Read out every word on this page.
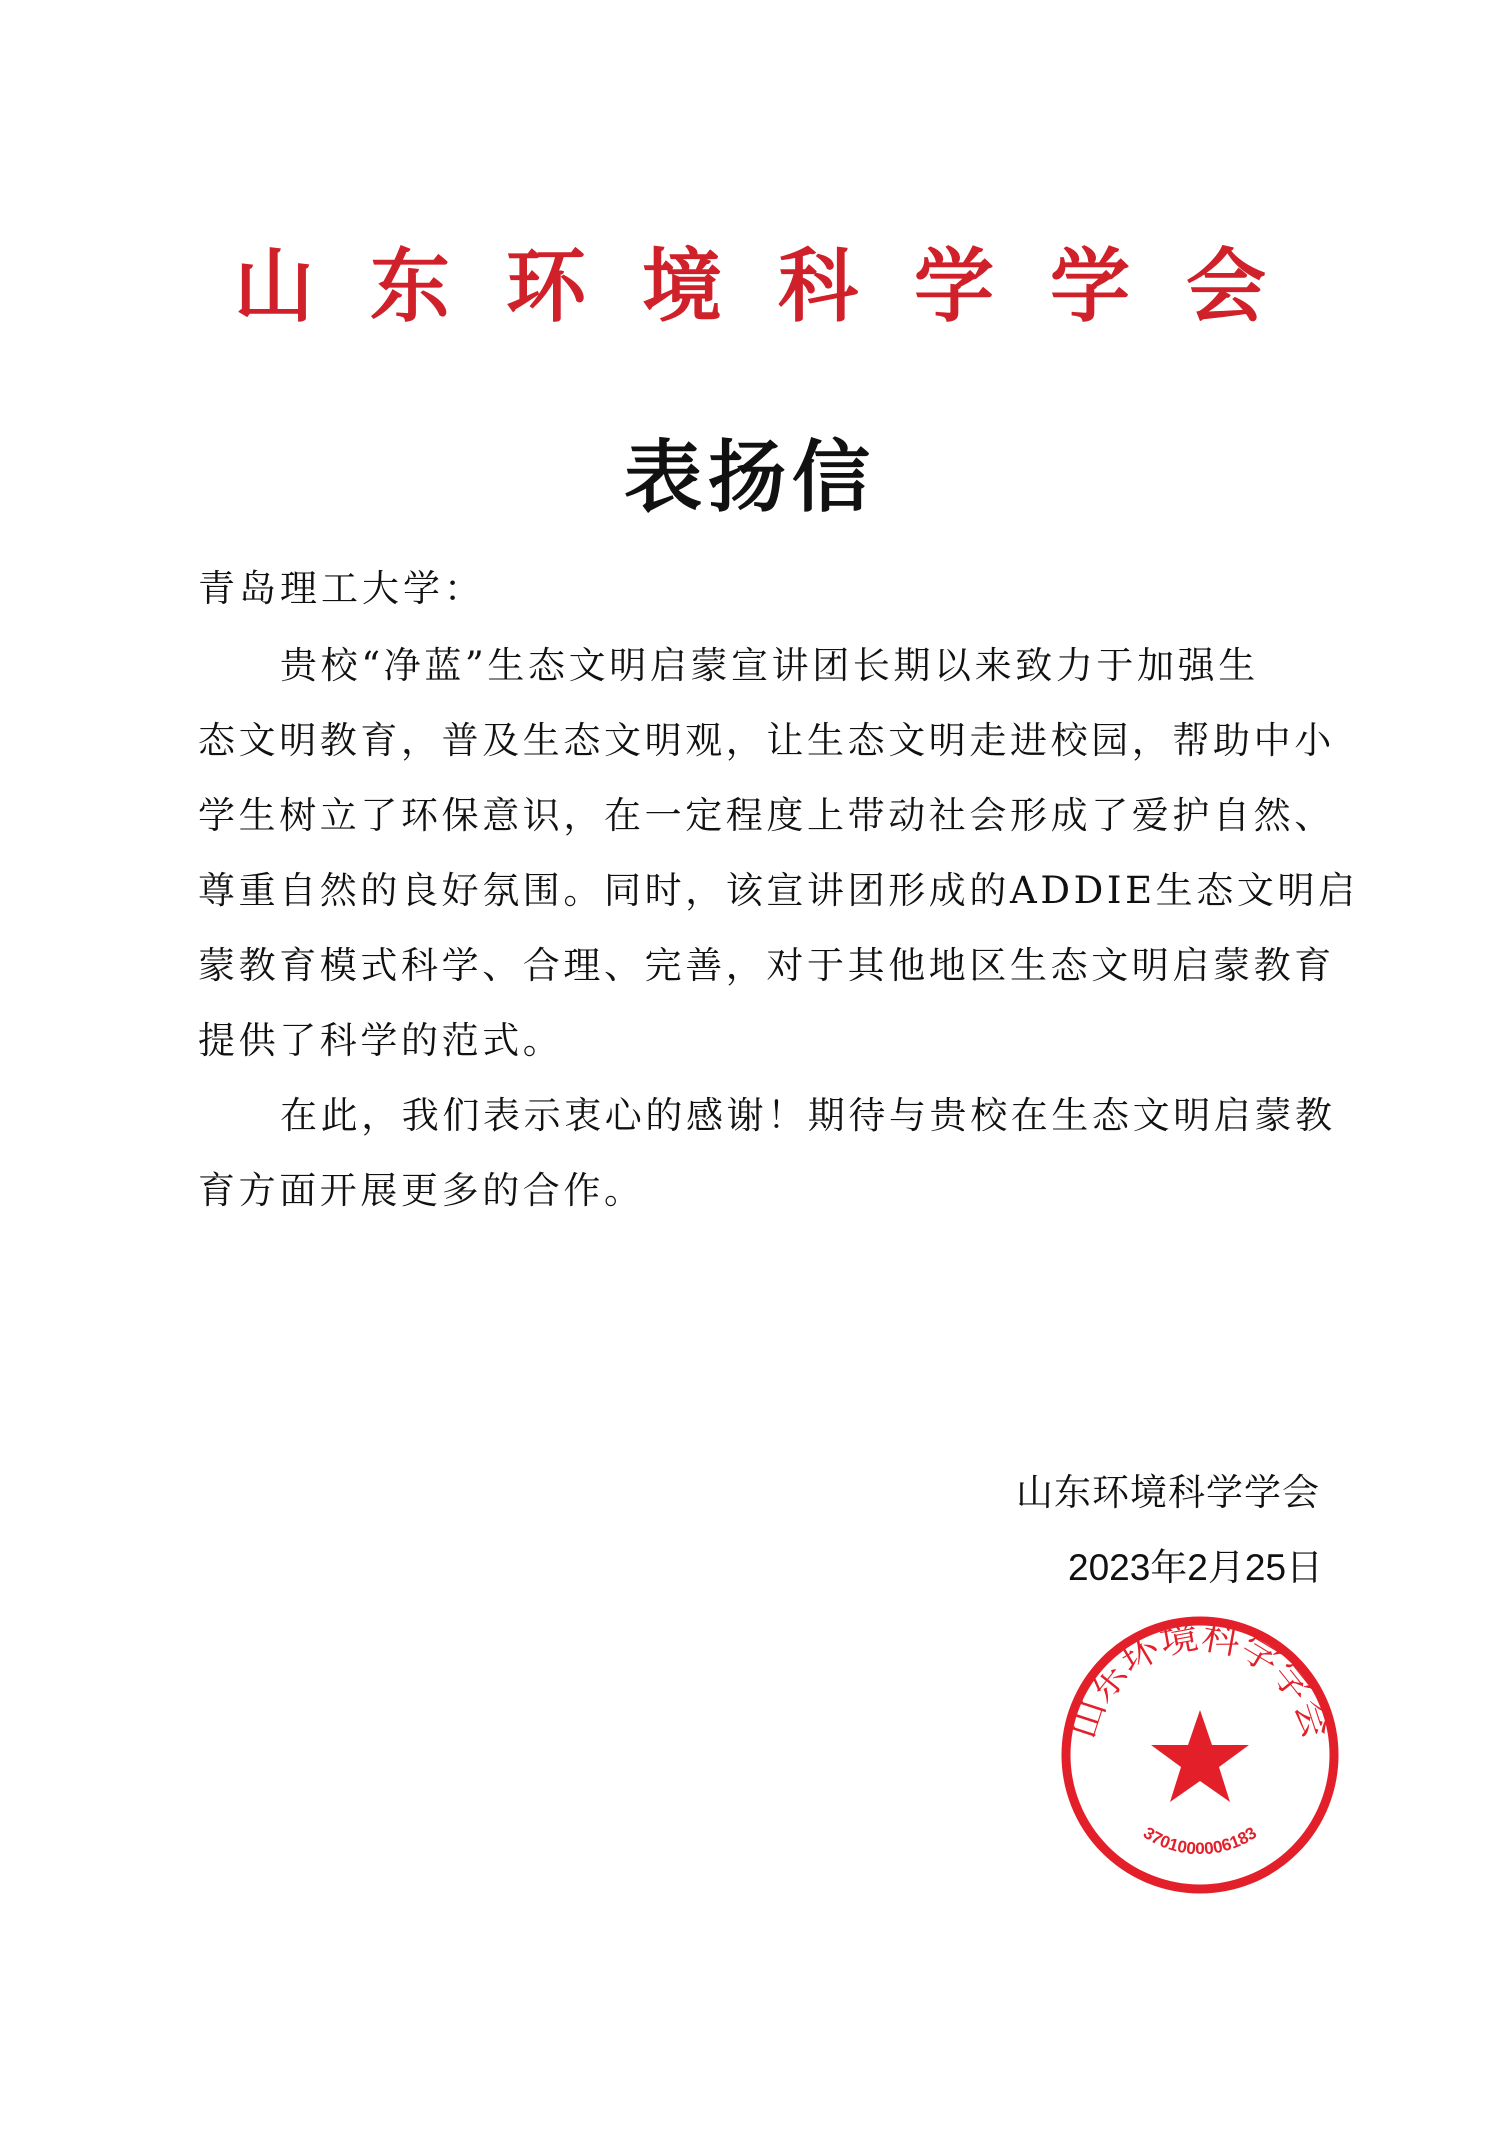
山东环境科学学会
表扬信
青岛理工大学：
贵校“净蓝”生态文明启蒙宣讲团长期以来致力于加强生
态文明教育，普及生态文明观，让生态文明走进校园，帮助中小
学生树立了环保意识，在一定程度上带动社会形成了爱护自然、
尊重自然的良好氛围。同时，该宣讲团形成的ADDIE生态文明启
蒙教育模式科学、合理、完善，对于其他地区生态文明启蒙教育
提供了科学的范式。
在此，我们表示衷心的感谢！期待与贵校在生态文明启蒙教
育方面开展更多的合作。
山东环境科学学会
2023年2月25日
山东环境科学学会
3701000006183
